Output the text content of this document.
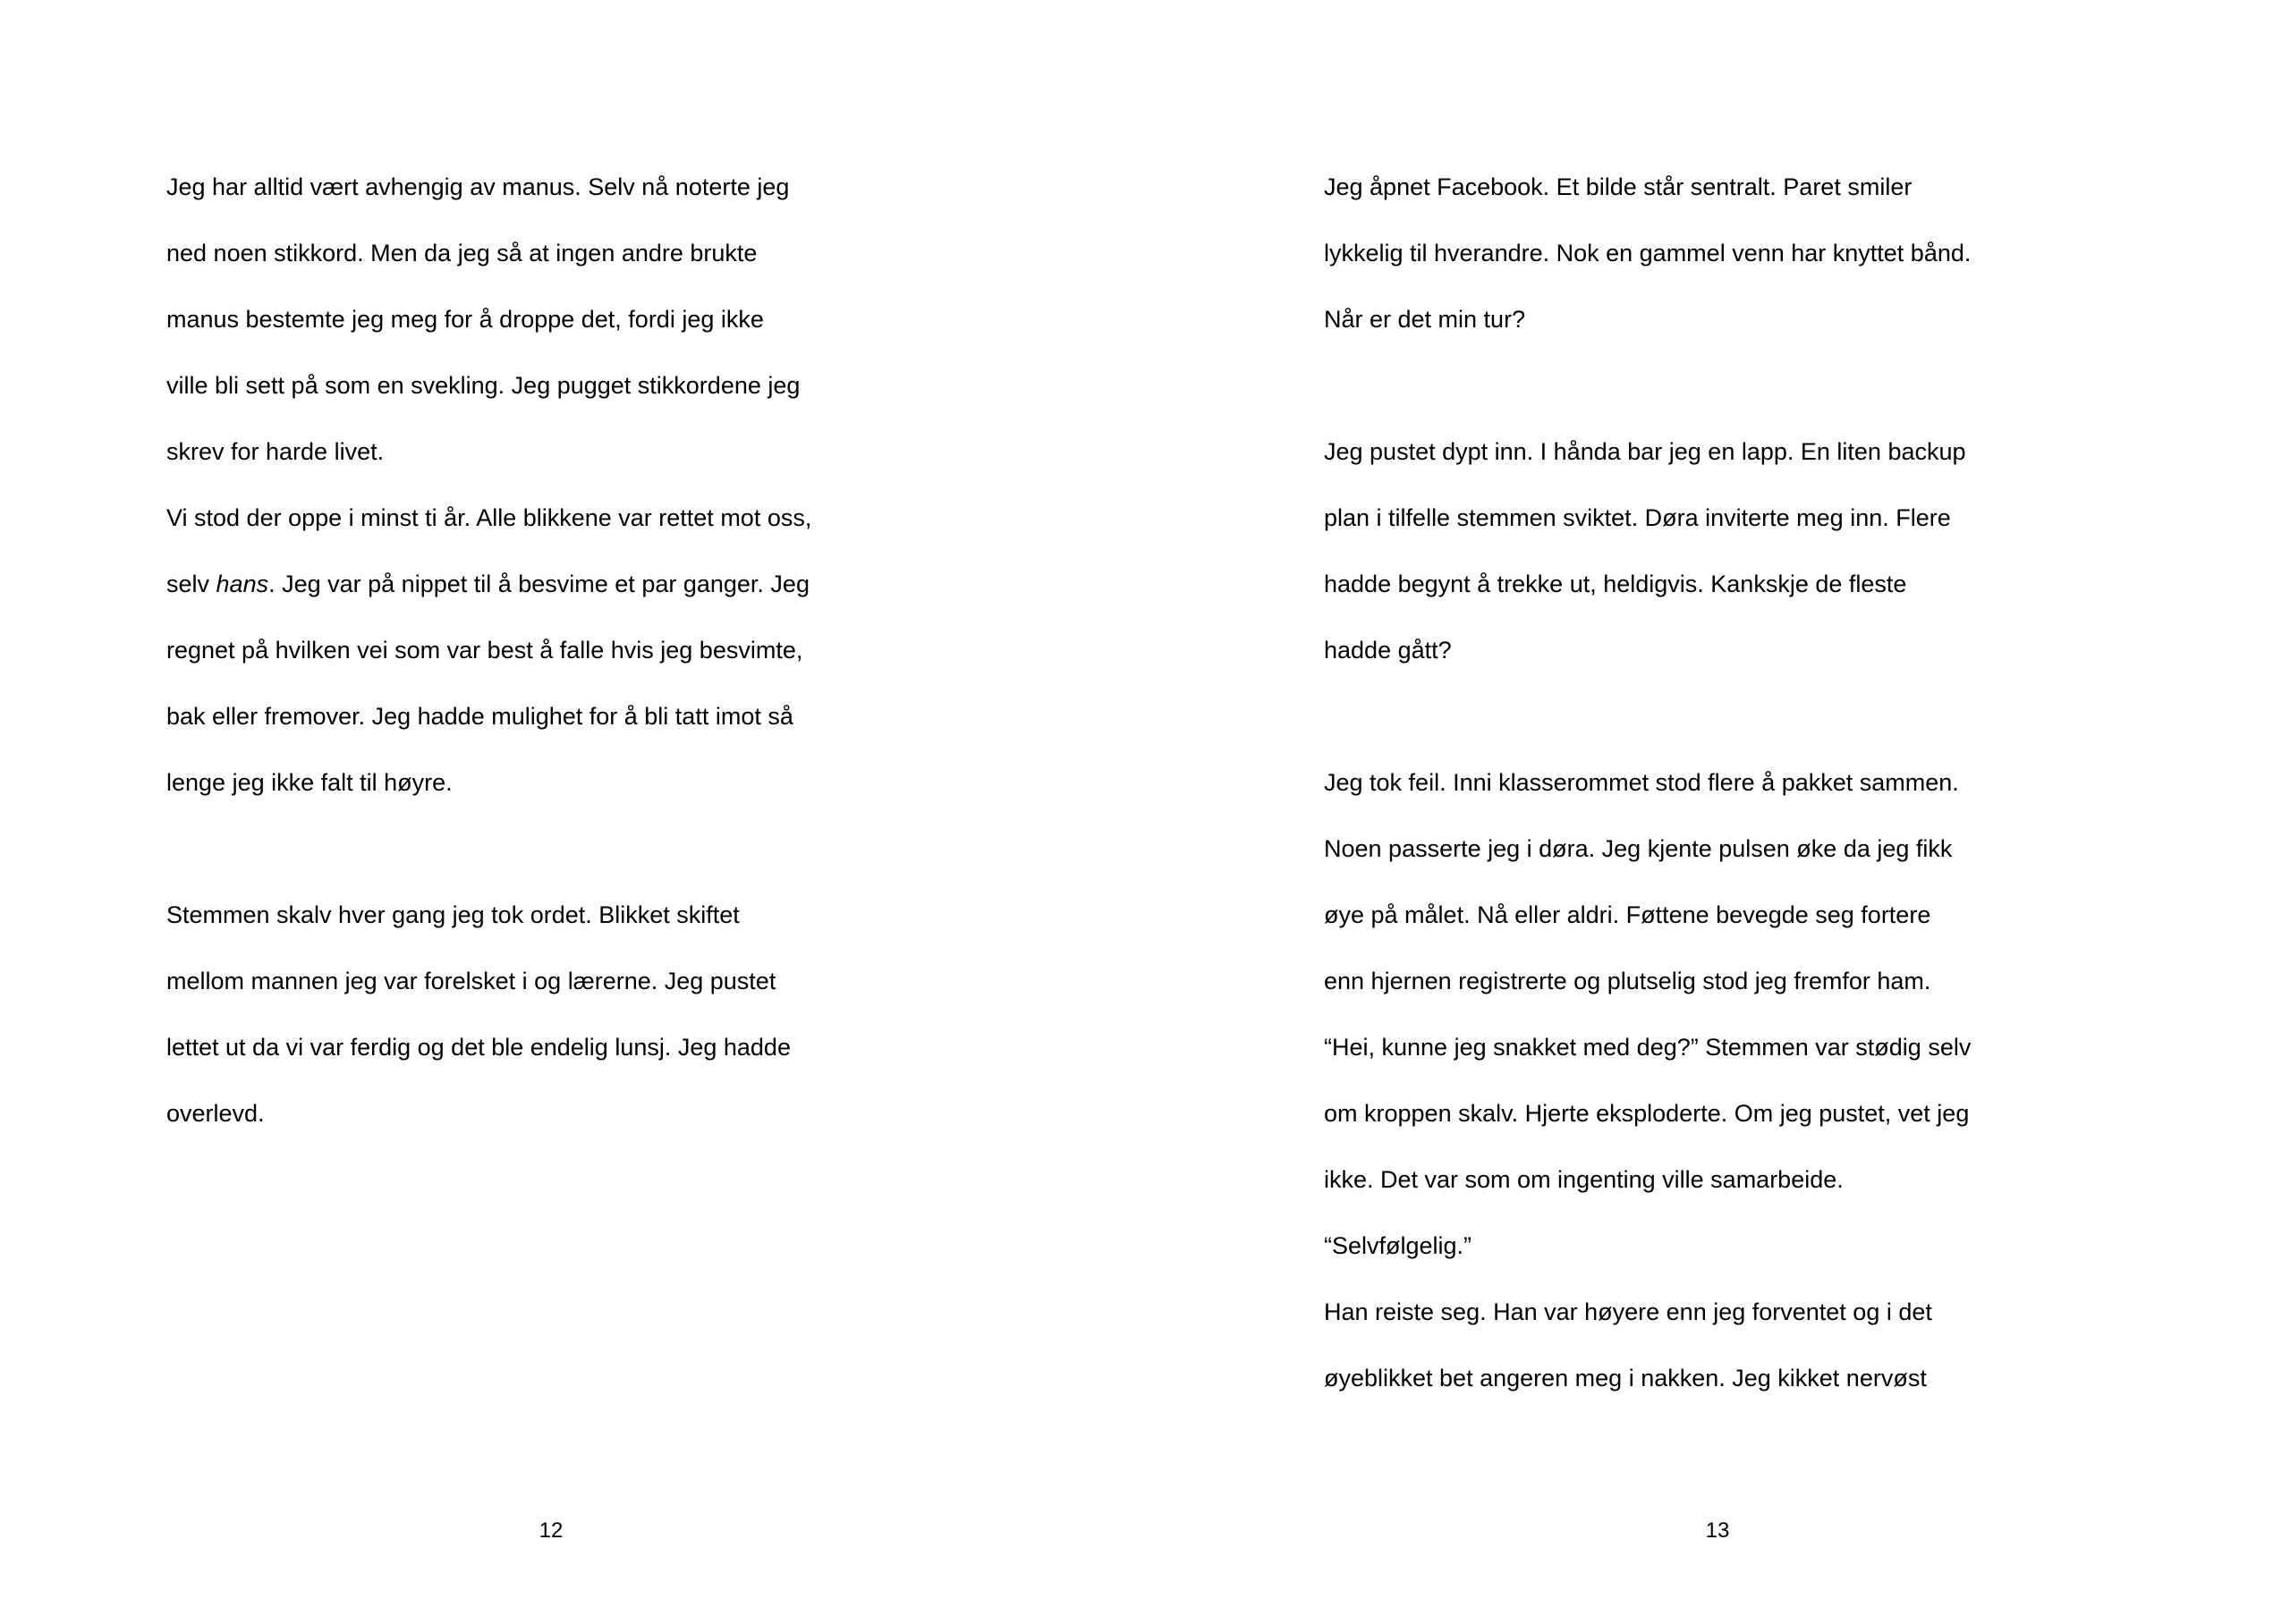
Jeg har alltid vært avhengig av manus. Selv nå noterte jeg
ned noen stikkord. Men da jeg så at ingen andre brukte
manus bestemte jeg meg for å droppe det, fordi jeg ikke
ville bli sett på som en svekling. Jeg pugget stikkordene jeg
skrev for harde livet.
Vi stod der oppe i minst ti år. Alle blikkene var rettet mot oss,
selv hans. Jeg var på nippet til å besvime et par ganger. Jeg
regnet på hvilken vei som var best å falle hvis jeg besvimte,
bak eller fremover. Jeg hadde mulighet for å bli tatt imot så
lenge jeg ikke falt til høyre.
Stemmen skalv hver gang jeg tok ordet. Blikket skiftet
mellom mannen jeg var forelsket i og lærerne. Jeg pustet
lettet ut da vi var ferdig og det ble endelig lunsj. Jeg hadde
overlevd.
12
Jeg åpnet Facebook. Et bilde står sentralt. Paret smiler
lykkelig til hverandre. Nok en gammel venn har knyttet bånd.
Når er det min tur?
Jeg pustet dypt inn. I hånda bar jeg en lapp. En liten backup
plan i tilfelle stemmen sviktet. Døra inviterte meg inn. Flere
hadde begynt å trekke ut, heldigvis. Kankskje de fleste
hadde gått?
Jeg tok feil. Inni klasserommet stod flere å pakket sammen.
Noen passerte jeg i døra. Jeg kjente pulsen øke da jeg fikk
øye på målet. Nå eller aldri. Føttene bevegde seg fortere
enn hjernen registrerte og plutselig stod jeg fremfor ham.
“Hei, kunne jeg snakket med deg?” Stemmen var stødig selv
om kroppen skalv. Hjerte eksploderte. Om jeg pustet, vet jeg
ikke. Det var som om ingenting ville samarbeide.
“Selvfølgelig.”
Han reiste seg. Han var høyere enn jeg forventet og i det
øyeblikket bet angeren meg i nakken. Jeg kikket nervøst
13
